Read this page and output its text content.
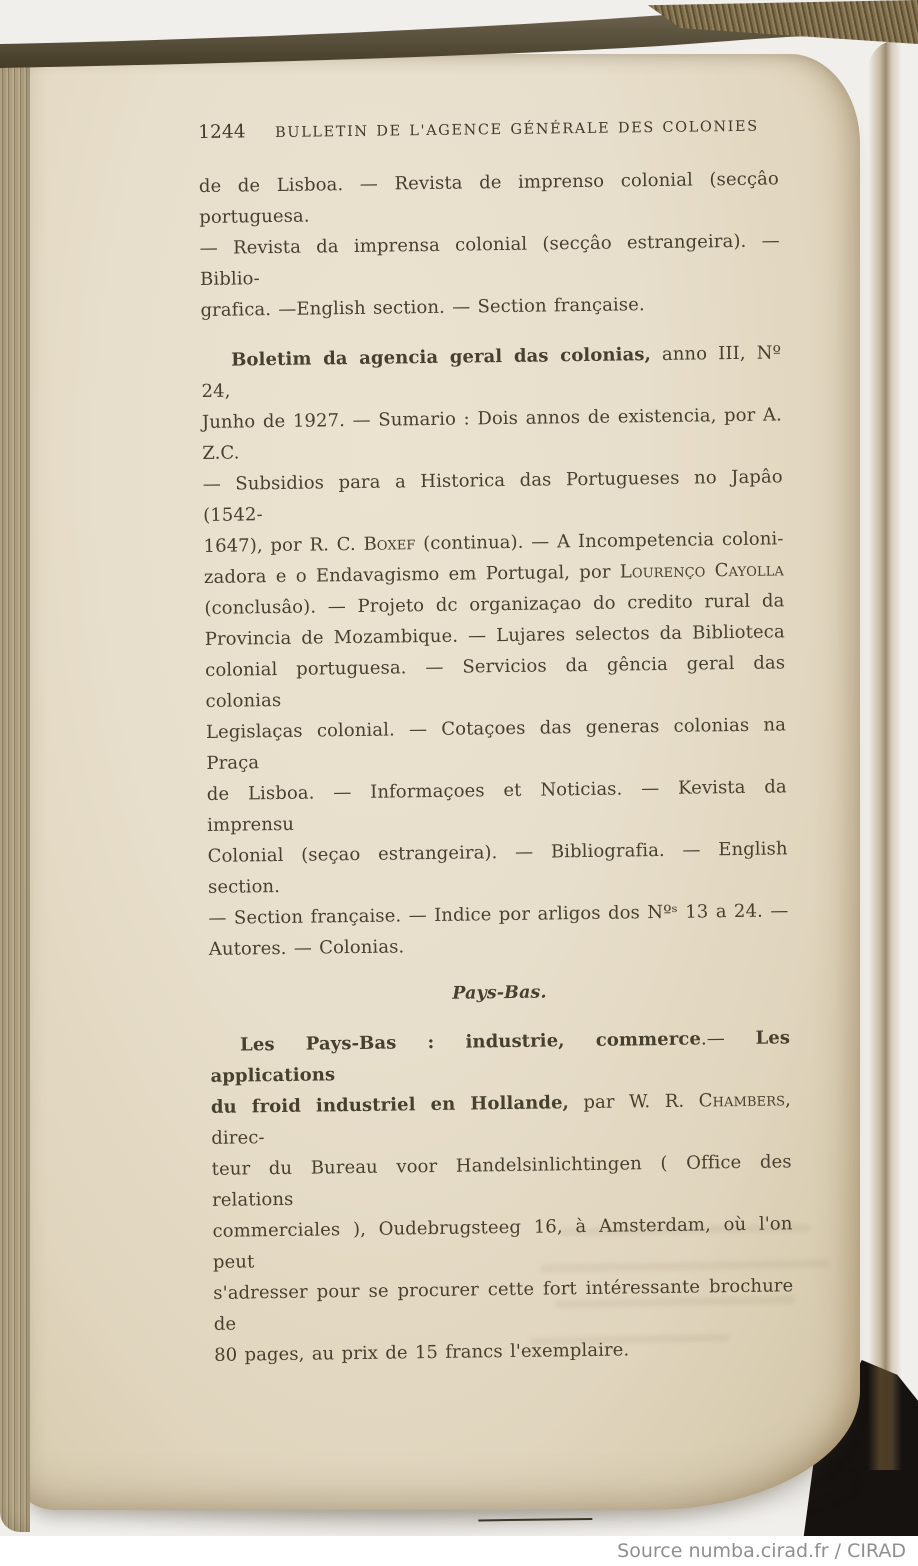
1244	BULLETIN DE L'AGENCE GÉNÉRALE DES COLONIES
de de Lisboa. — Revista de imprenso colonial (secçâo portuguesa.
— Revista da imprensa colonial (secçâo estrangeira). — Biblio-
grafica. —English section. — Section française.
Boletim da agencia geral das colonias, anno III, Nº 24,
Junho de 1927. — Sumario : Dois annos de existencia, por A. Z.C.
— Subsidios para a Historica das Portugueses no Japâo (1542-
1647), por R. C. Boxef (continua). — A Incompetencia coloni-
zadora e o Endavagismo em Portugal, por Lourenço Cayolla
(conclusâo). — Projeto dc organizaçao do credito rural da
Provincia de Mozambique. — Lujares selectos da Biblioteca
colonial portuguesa. — Servicios da gência geral das colonias
Legislaças colonial. — Cotaçoes das generas colonias na Praça
de Lisboa. — Informaçoes et Noticias. — Kevista da imprensu
Colonial (seçao estrangeira). — Bibliografia. — English section.
— Section française. — Indice por arligos dos Nºˢ 13 a 24. —
Autores. — Colonias.
Pays-Bas.
Les Pays-Bas : industrie, commerce.— Les applications
du froid industriel en Hollande, par W. R. Chambers, direc-
teur du Bureau voor Handelsinlichtingen ( Office des relations
commerciales ), Oudebrugsteeg 16, à Amsterdam, où l'on peut
s'adresser pour se procurer cette fort intéressante brochure de
80 pages, au prix de 15 francs l'exemplaire.
Source numba.cirad.fr / CIRAD
